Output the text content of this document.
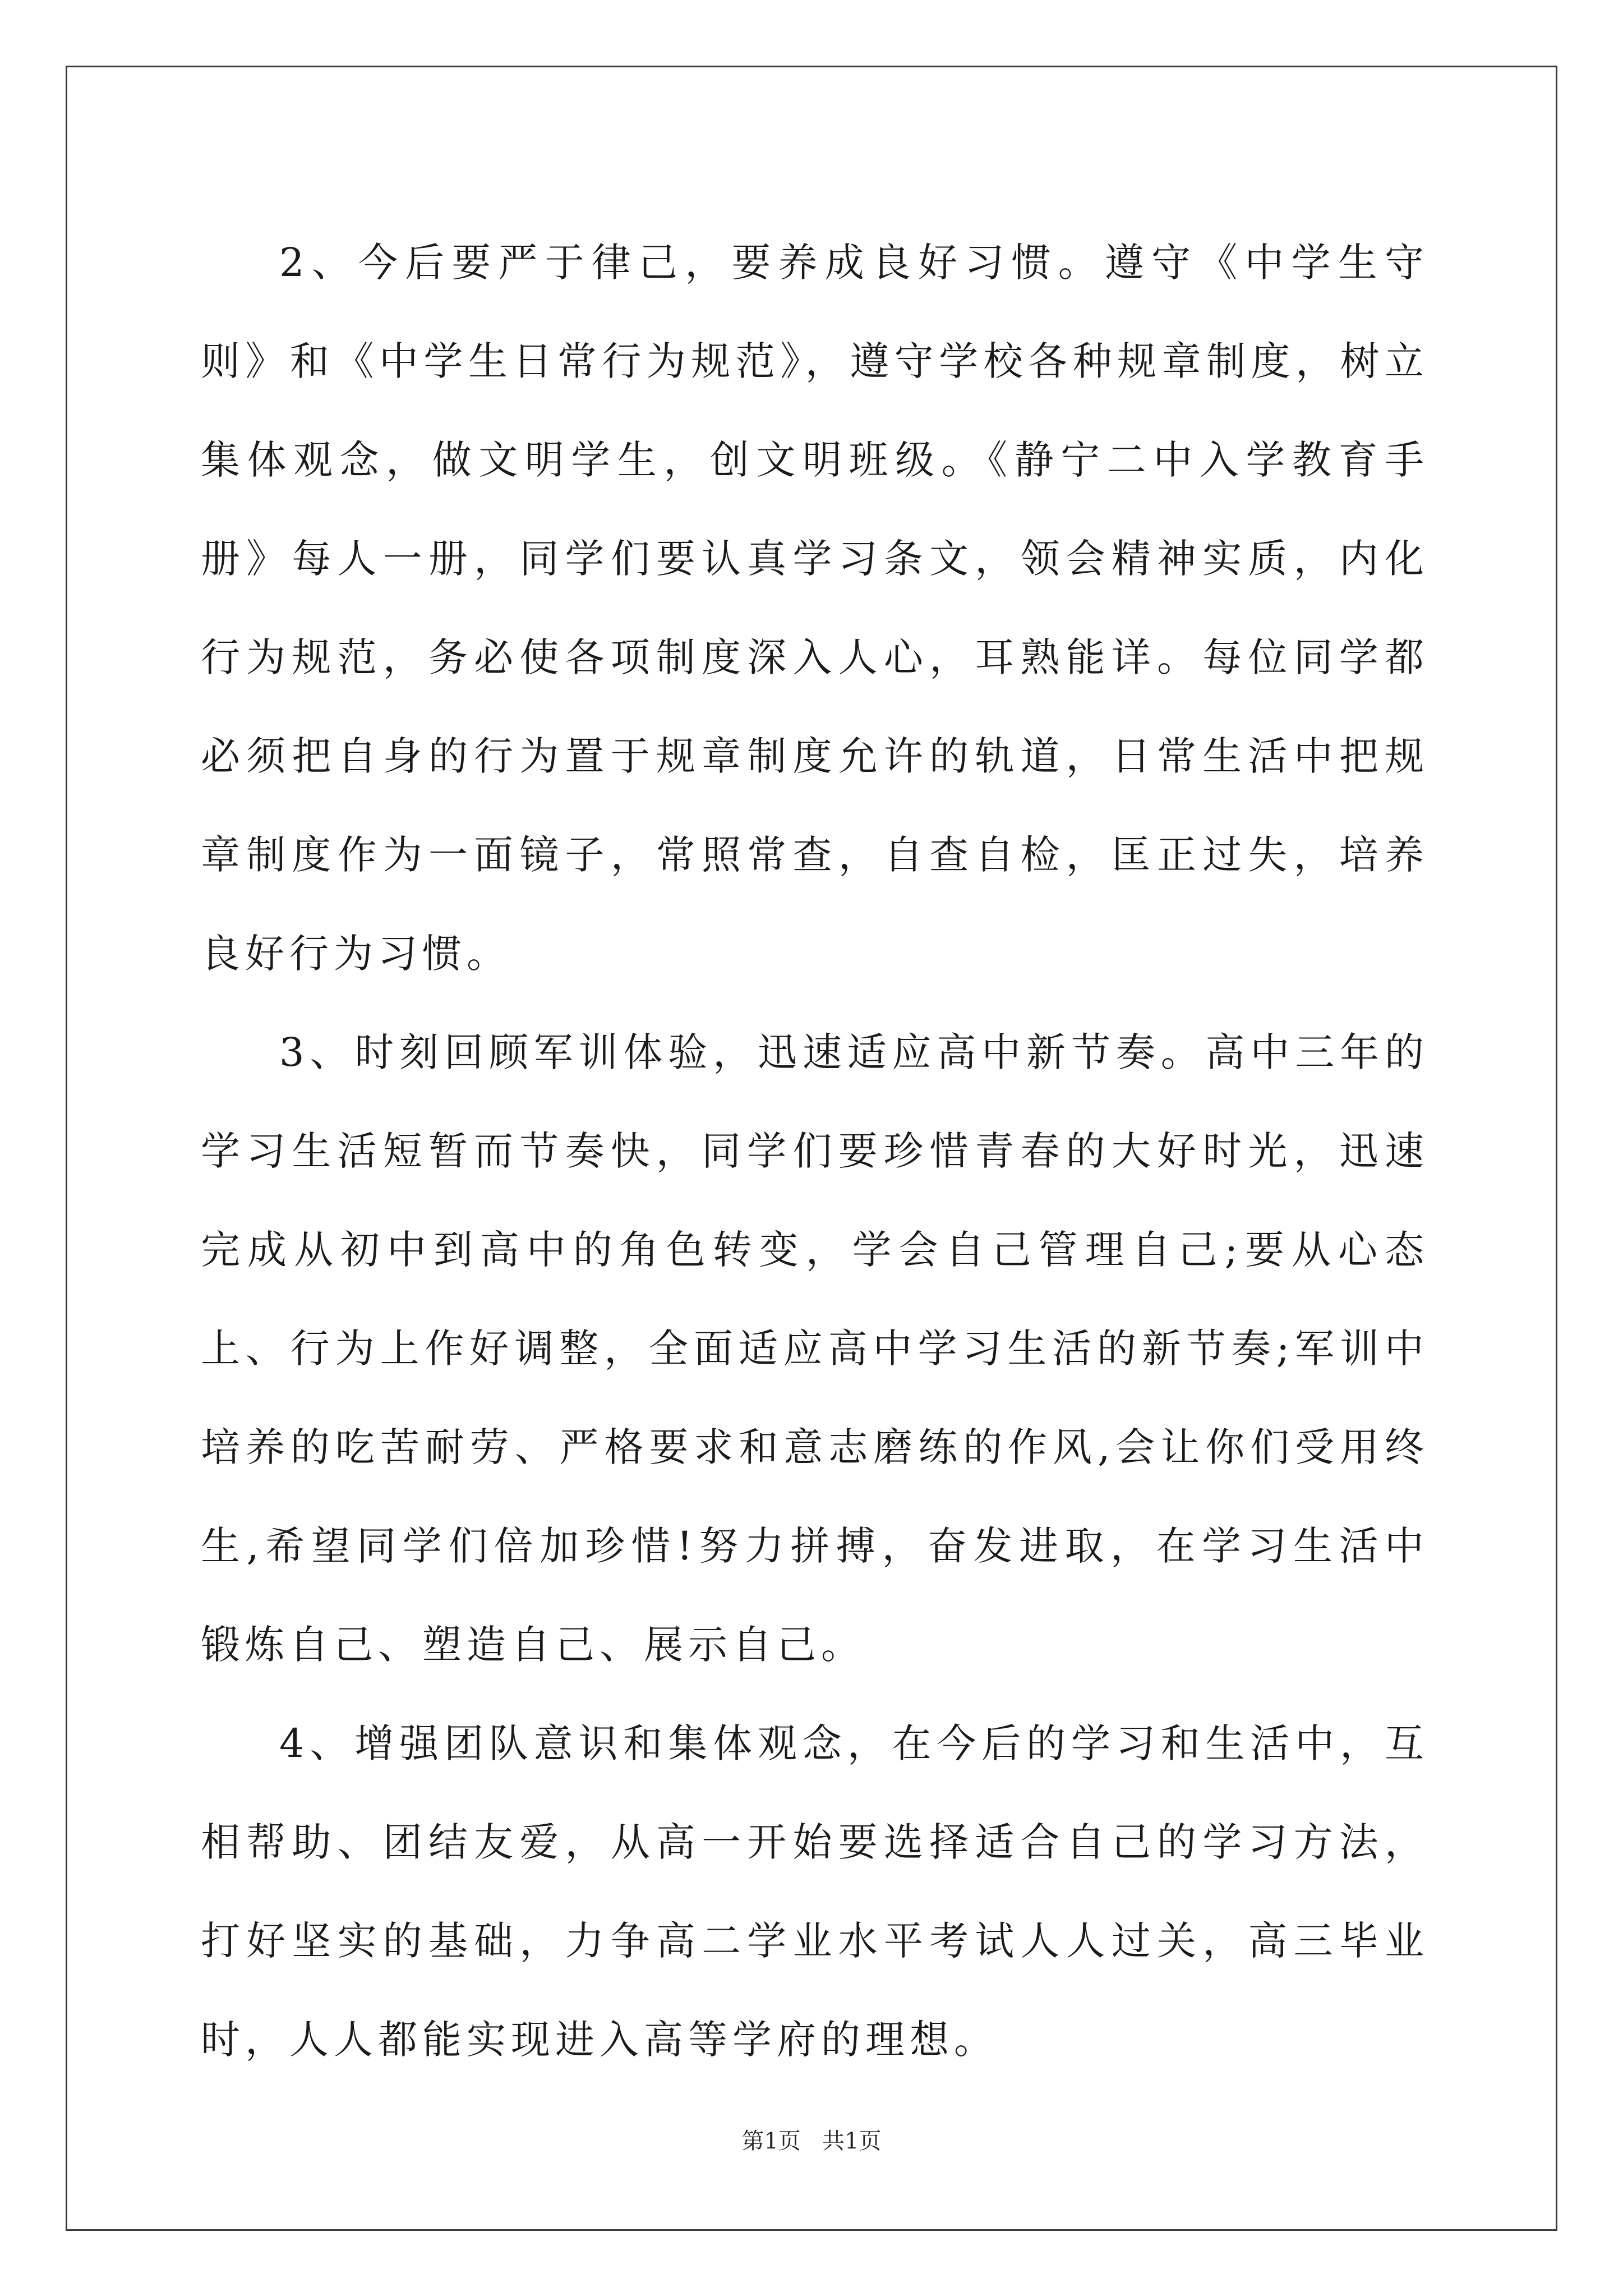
2、今后要严于律己，要养成良好习惯。遵守《中学生守则》和《中学生日常行为规范》，遵守学校各种规章制度，树立集体观念，做文明学生，创文明班级。《静宁二中入学教育手册》每人一册，同学们要认真学习条文，领会精神实质，内化行为规范，务必使各项制度深入人心，耳熟能详。每位同学都必须把自身的行为置于规章制度允许的轨道，日常生活中把规章制度作为一面镜子，常照常查，自查自检，匡正过失，培养良好行为习惯。

3、时刻回顾军训体验，迅速适应高中新节奏。高中三年的学习生活短暂而节奏快，同学们要珍惜青春的大好时光，迅速完成从初中到高中的角色转变，学会自己管理自己;要从心态上、行为上作好调整，全面适应高中学习生活的新节奏;军训中培养的吃苦耐劳、严格要求和意志磨练的作风,会让你们受用终生,希望同学们倍加珍惜!努力拼搏，奋发进取，在学习生活中锻炼自己、塑造自己、展示自己。

4、增强团队意识和集体观念，在今后的学习和生活中，互相帮助、团结友爱，从高一开始要选择适合自己的学习方法，打好坚实的基础，力争高二学业水平考试人人过关，高三毕业时，人人都能实现进入高等学府的理想。

第1页   共1页
